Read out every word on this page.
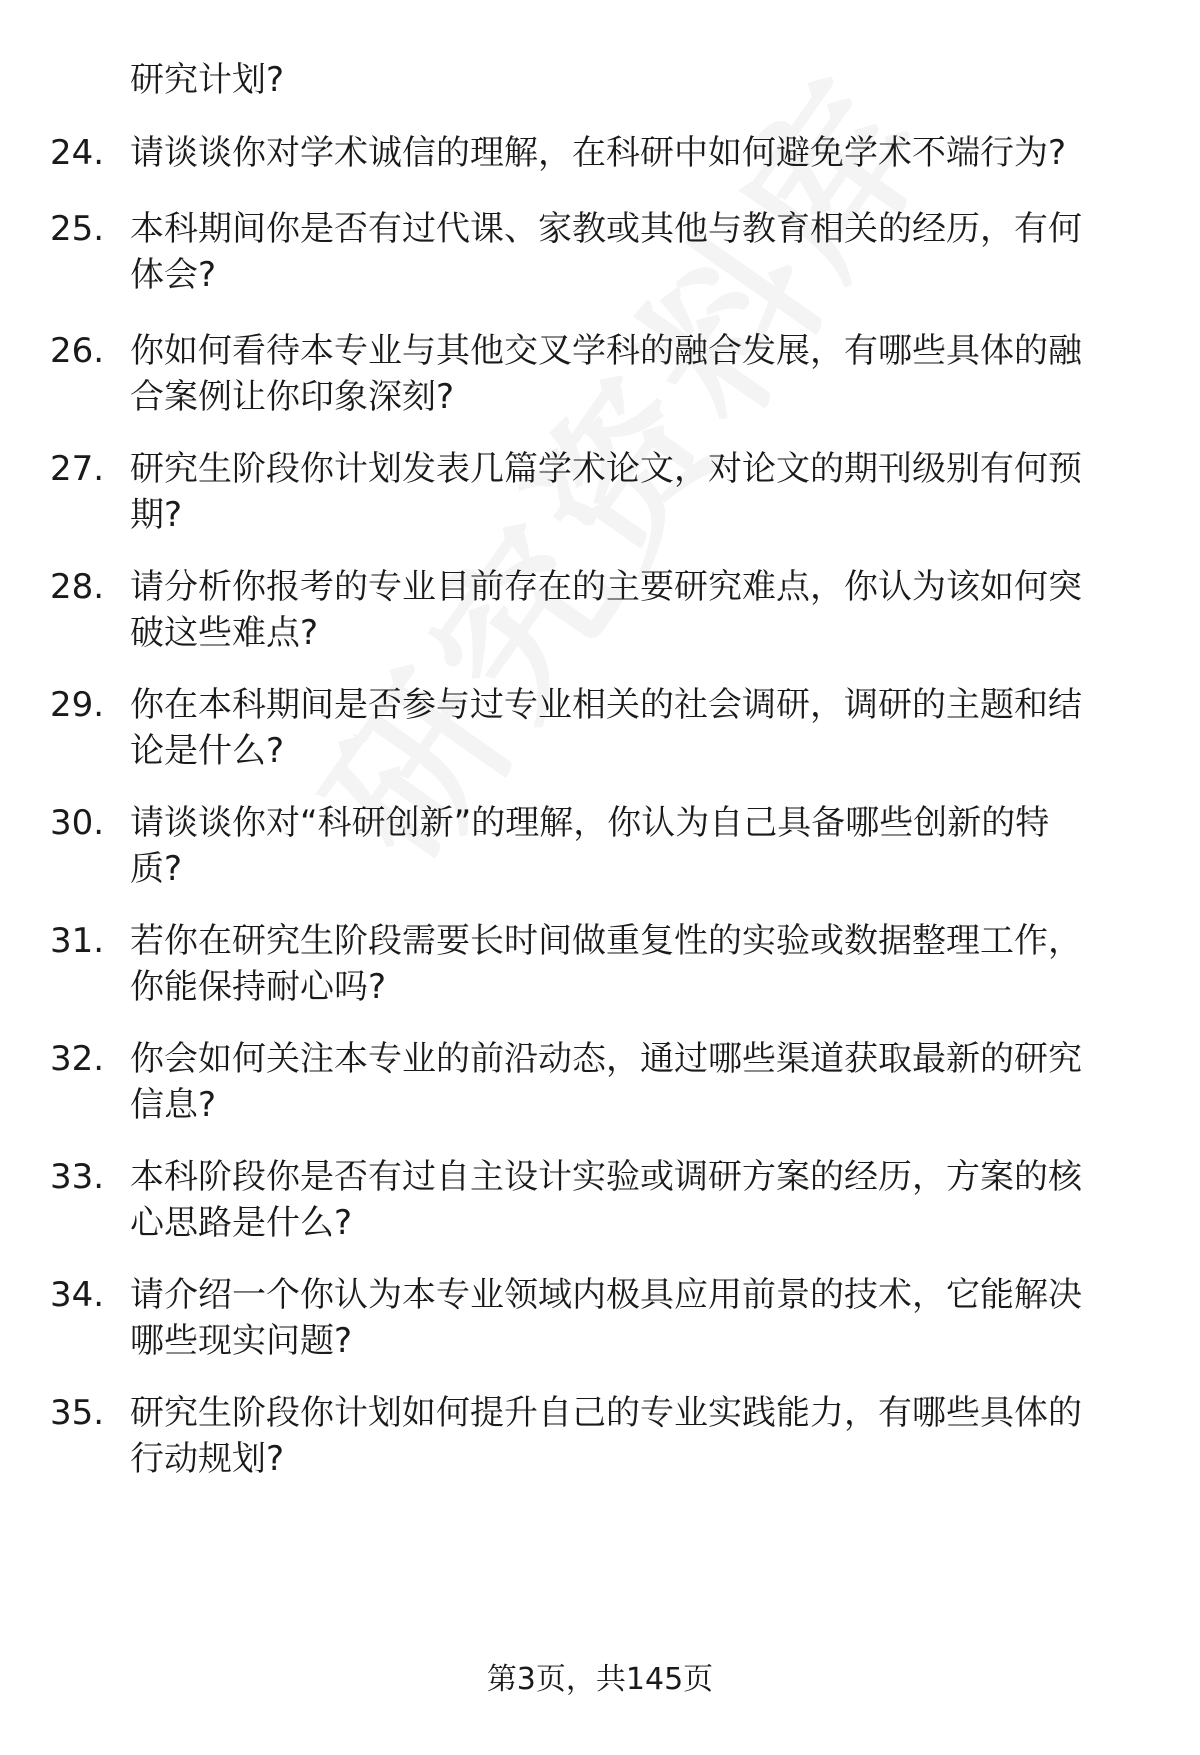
研究计划?
24. 请谈谈你对学术诚信的理解，在科研中如何避免学术不端行为?
25. 本科期间你是否有过代课、家教或其他与教育相关的经历，有何
体会?
26. 你如何看待本专业与其他交叉学科的融合发展，有哪些具体的融
合案例让你印象深刻?
27. 研究生阶段你计划发表几篇学术论文，对论文的期刊级别有何预
期?
28. 请分析你报考的专业目前存在的主要研究难点，你认为该如何突
破这些难点?
29. 你在本科期间是否参与过专业相关的社会调研，调研的主题和结
论是什么?
30. 请谈谈你对“科研创新”的理解，你认为自己具备哪些创新的特
质?
31. 若你在研究生阶段需要长时间做重复性的实验或数据整理工作，
你能保持耐心吗?
32. 你会如何关注本专业的前沿动态，通过哪些渠道获取最新的研究
信息?
33. 本科阶段你是否有过自主设计实验或调研方案的经历，方案的核
心思路是什么?
34. 请介绍一个你认为本专业领域内极具应用前景的技术，它能解决
哪些现实问题?
35. 研究生阶段你计划如何提升自己的专业实践能力，有哪些具体的
行动规划?
第3页，共145页
